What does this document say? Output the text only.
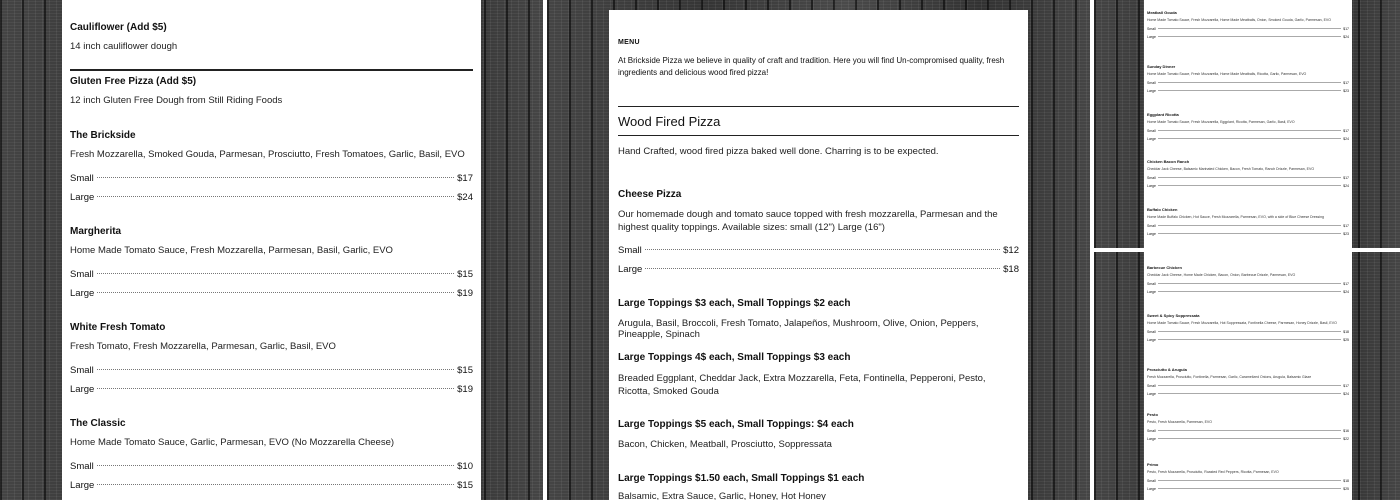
Cauliflower (Add $5)
14 inch cauliflower dough
Gluten Free Pizza (Add $5)
12 inch Gluten Free Dough from Still Riding Foods
The Brickside
Fresh Mozzarella, Smoked Gouda, Parmesan, Prosciutto, Fresh Tomatoes, Garlic, Basil, EVO
Small	$17
Large	$24
Margherita
Home Made Tomato Sauce, Fresh Mozzarella, Parmesan, Basil, Garlic, EVO
Small	$15
Large	$19
White Fresh Tomato
Fresh Tomato, Fresh Mozzarella, Parmesan, Garlic, Basil, EVO
Small	$15
Large	$19
The Classic
Home Made Tomato Sauce, Garlic, Parmesan, EVO (No Mozzarella Cheese)
Small	$10
Large	$15
MENU
At Brickside Pizza we believe in quality of craft and tradition. Here you will find Un-compromised quality, fresh ingredients and delicious wood fired pizza!
Wood Fired Pizza
Hand Crafted, wood fired pizza baked well done. Charring is to be expected.
Cheese Pizza
Our homemade dough and tomato sauce topped with fresh mozzarella, Parmesan and the highest quality toppings. Available sizes: small (12") Large (16")
Small	$12
Large	$18
Large Toppings $3 each, Small Toppings $2 each
Arugula, Basil, Broccoli, Fresh Tomato, Jalapeños, Mushroom, Olive, Onion, Peppers, Pineapple, Spinach
Large Toppings 4$ each, Small Toppings $3 each
Breaded Eggplant, Cheddar Jack, Extra Mozzarella, Feta, Fontinella, Pepperoni, Pesto, Ricotta, Smoked Gouda
Large Toppings $5 each, Small Toppings: $4 each
Bacon, Chicken, Meatball, Prosciutto, Soppressata
Large Toppings $1.50 each, Small Toppings $1 each
Balsamic, Extra Sauce, Garlic, Honey, Hot Honey
Meatball Gouda
Home Made Tomato Sauce, Fresh Mozzarella, Home Made Meatballs, Onion, Smoked Gouda, Garlic, Parmesan, EVO
Small	$17
Large	$24
Sunday Dinner
Home Made Tomato Sauce, Fresh Mozzarella, Home Made Meatballs, Ricotta, Garlic, Parmesan, EVO
Small	$17
Large	$23
Eggplant Ricotta
Home Made Tomato Sauce, Fresh Mozzarella, Eggplant, Ricotta, Parmesan, Garlic, Basil, EVO
Small	$17
Large	$24
Chicken Bacon Ranch
Cheddar Jack Cheese, Balsamic Marinated Chicken, Bacon, Fresh Tomato, Ranch Drizzle, Parmesan, EVO
Small	$17
Large	$24
Buffalo Chicken
Home Made Buffalo Chicken, Hot Sauce, Fresh Mozzarella, Parmesan, EVO, with a side of Blue Cheese Dressing
Small	$17
Large	$23
Barbecue Chicken
Cheddar Jack Cheese, Home Made Chicken, Bacon, Onion, Barbecue Drizzle, Parmesan, EVO
Small	$17
Large	$24
Sweet & Spicy Soppressata
Home Made Tomato Sauce, Fresh Mozzarella, Hot Soppressata, Fontinella Cheese, Parmesan, Honey Drizzle, Basil, EVO
Small	$18
Large	$25
Prosciutto & Arugula
Fresh Mozzarella, Prosciutto, Fontinella, Parmesan, Garlic, Caramelized Onions, Arugula, Balsamic Glaze
Small	$17
Large	$24
Pesto
Pesto, Fresh Mozzarella, Parmesan, EVO
Small	$16
Large	$22
Primo
Pesto, Fresh Mozzarella, Prosciutto, Roasted Red Peppers, Ricotta, Parmesan, EVO
Small	$18
Large	$25
